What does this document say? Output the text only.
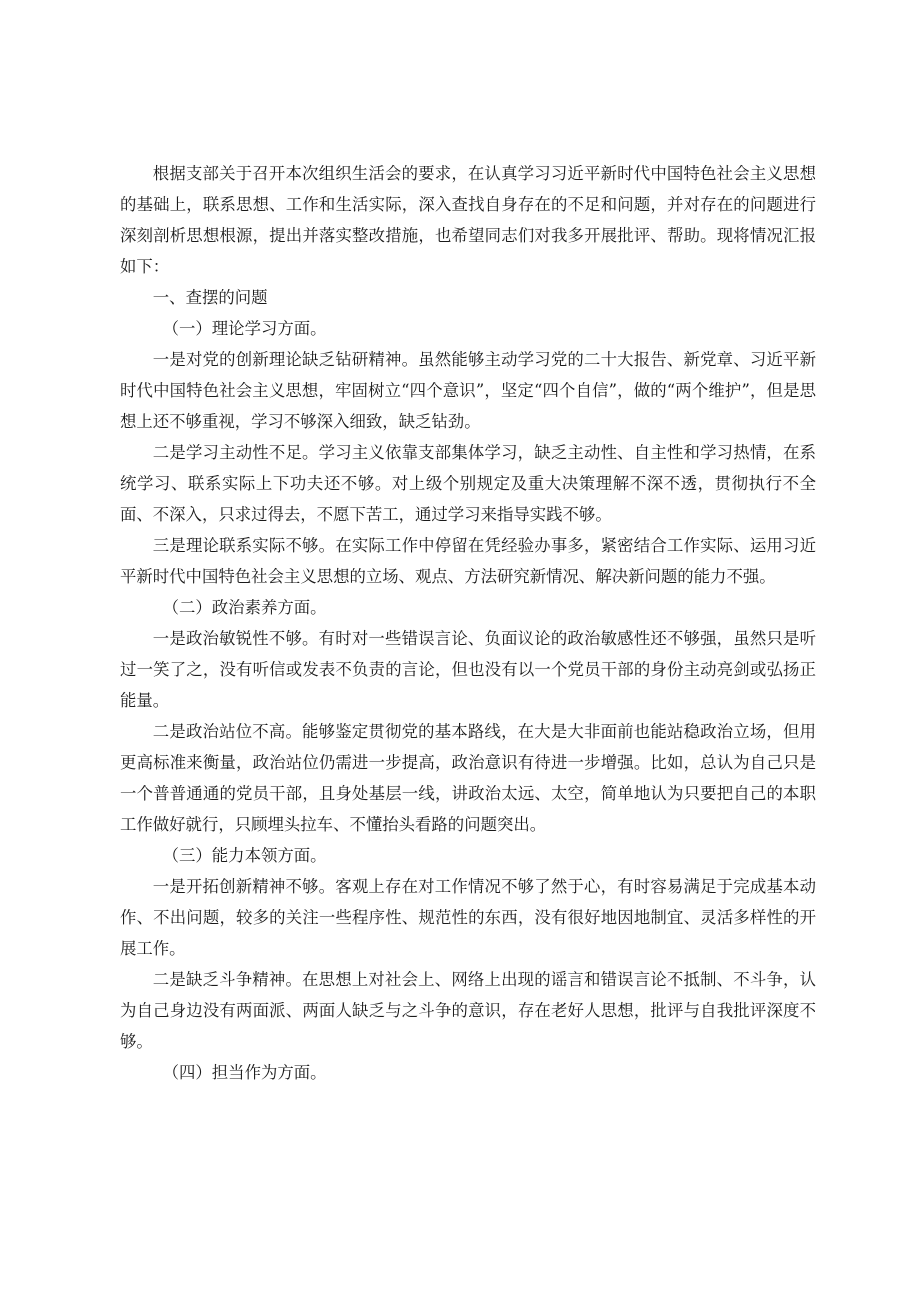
根据支部关于召开本次组织生活会的要求，在认真学习习近平新时代中国特色社会主义思想的基础上，联系思想、工作和生活实际，深入查找自身存在的不足和问题，并对存在的问题进行深刻剖析思想根源，提出并落实整改措施，也希望同志们对我多开展批评、帮助。现将情况汇报如下：

一、查摆的问题

（一）理论学习方面。

一是对党的创新理论缺乏钻研精神。虽然能够主动学习党的二十大报告、新党章、习近平新时代中国特色社会主义思想，牢固树立“四个意识”，坚定“四个自信”，做的“两个维护”，但是思想上还不够重视，学习不够深入细致，缺乏钻劲。

二是学习主动性不足。学习主义依靠支部集体学习，缺乏主动性、自主性和学习热情，在系统学习、联系实际上下功夫还不够。对上级个别规定及重大决策理解不深不透，贯彻执行不全面、不深入，只求过得去，不愿下苦工，通过学习来指导实践不够。

三是理论联系实际不够。在实际工作中停留在凭经验办事多，紧密结合工作实际、运用习近平新时代中国特色社会主义思想的立场、观点、方法研究新情况、解决新问题的能力不强。

（二）政治素养方面。

一是政治敏锐性不够。有时对一些错误言论、负面议论的政治敏感性还不够强，虽然只是听过一笑了之，没有听信或发表不负责的言论，但也没有以一个党员干部的身份主动亮剑或弘扬正能量。

二是政治站位不高。能够鉴定贯彻党的基本路线，在大是大非面前也能站稳政治立场，但用更高标准来衡量，政治站位仍需进一步提高，政治意识有待进一步增强。比如，总认为自己只是一个普普通通的党员干部，且身处基层一线，讲政治太远、太空，简单地认为只要把自己的本职工作做好就行，只顾埋头拉车、不懂抬头看路的问题突出。

（三）能力本领方面。

一是开拓创新精神不够。客观上存在对工作情况不够了然于心，有时容易满足于完成基本动作、不出问题，较多的关注一些程序性、规范性的东西，没有很好地因地制宜、灵活多样性的开展工作。

二是缺乏斗争精神。在思想上对社会上、网络上出现的谣言和错误言论不抵制、不斗争，认为自己身边没有两面派、两面人缺乏与之斗争的意识，存在老好人思想，批评与自我批评深度不够。

（四）担当作为方面。
